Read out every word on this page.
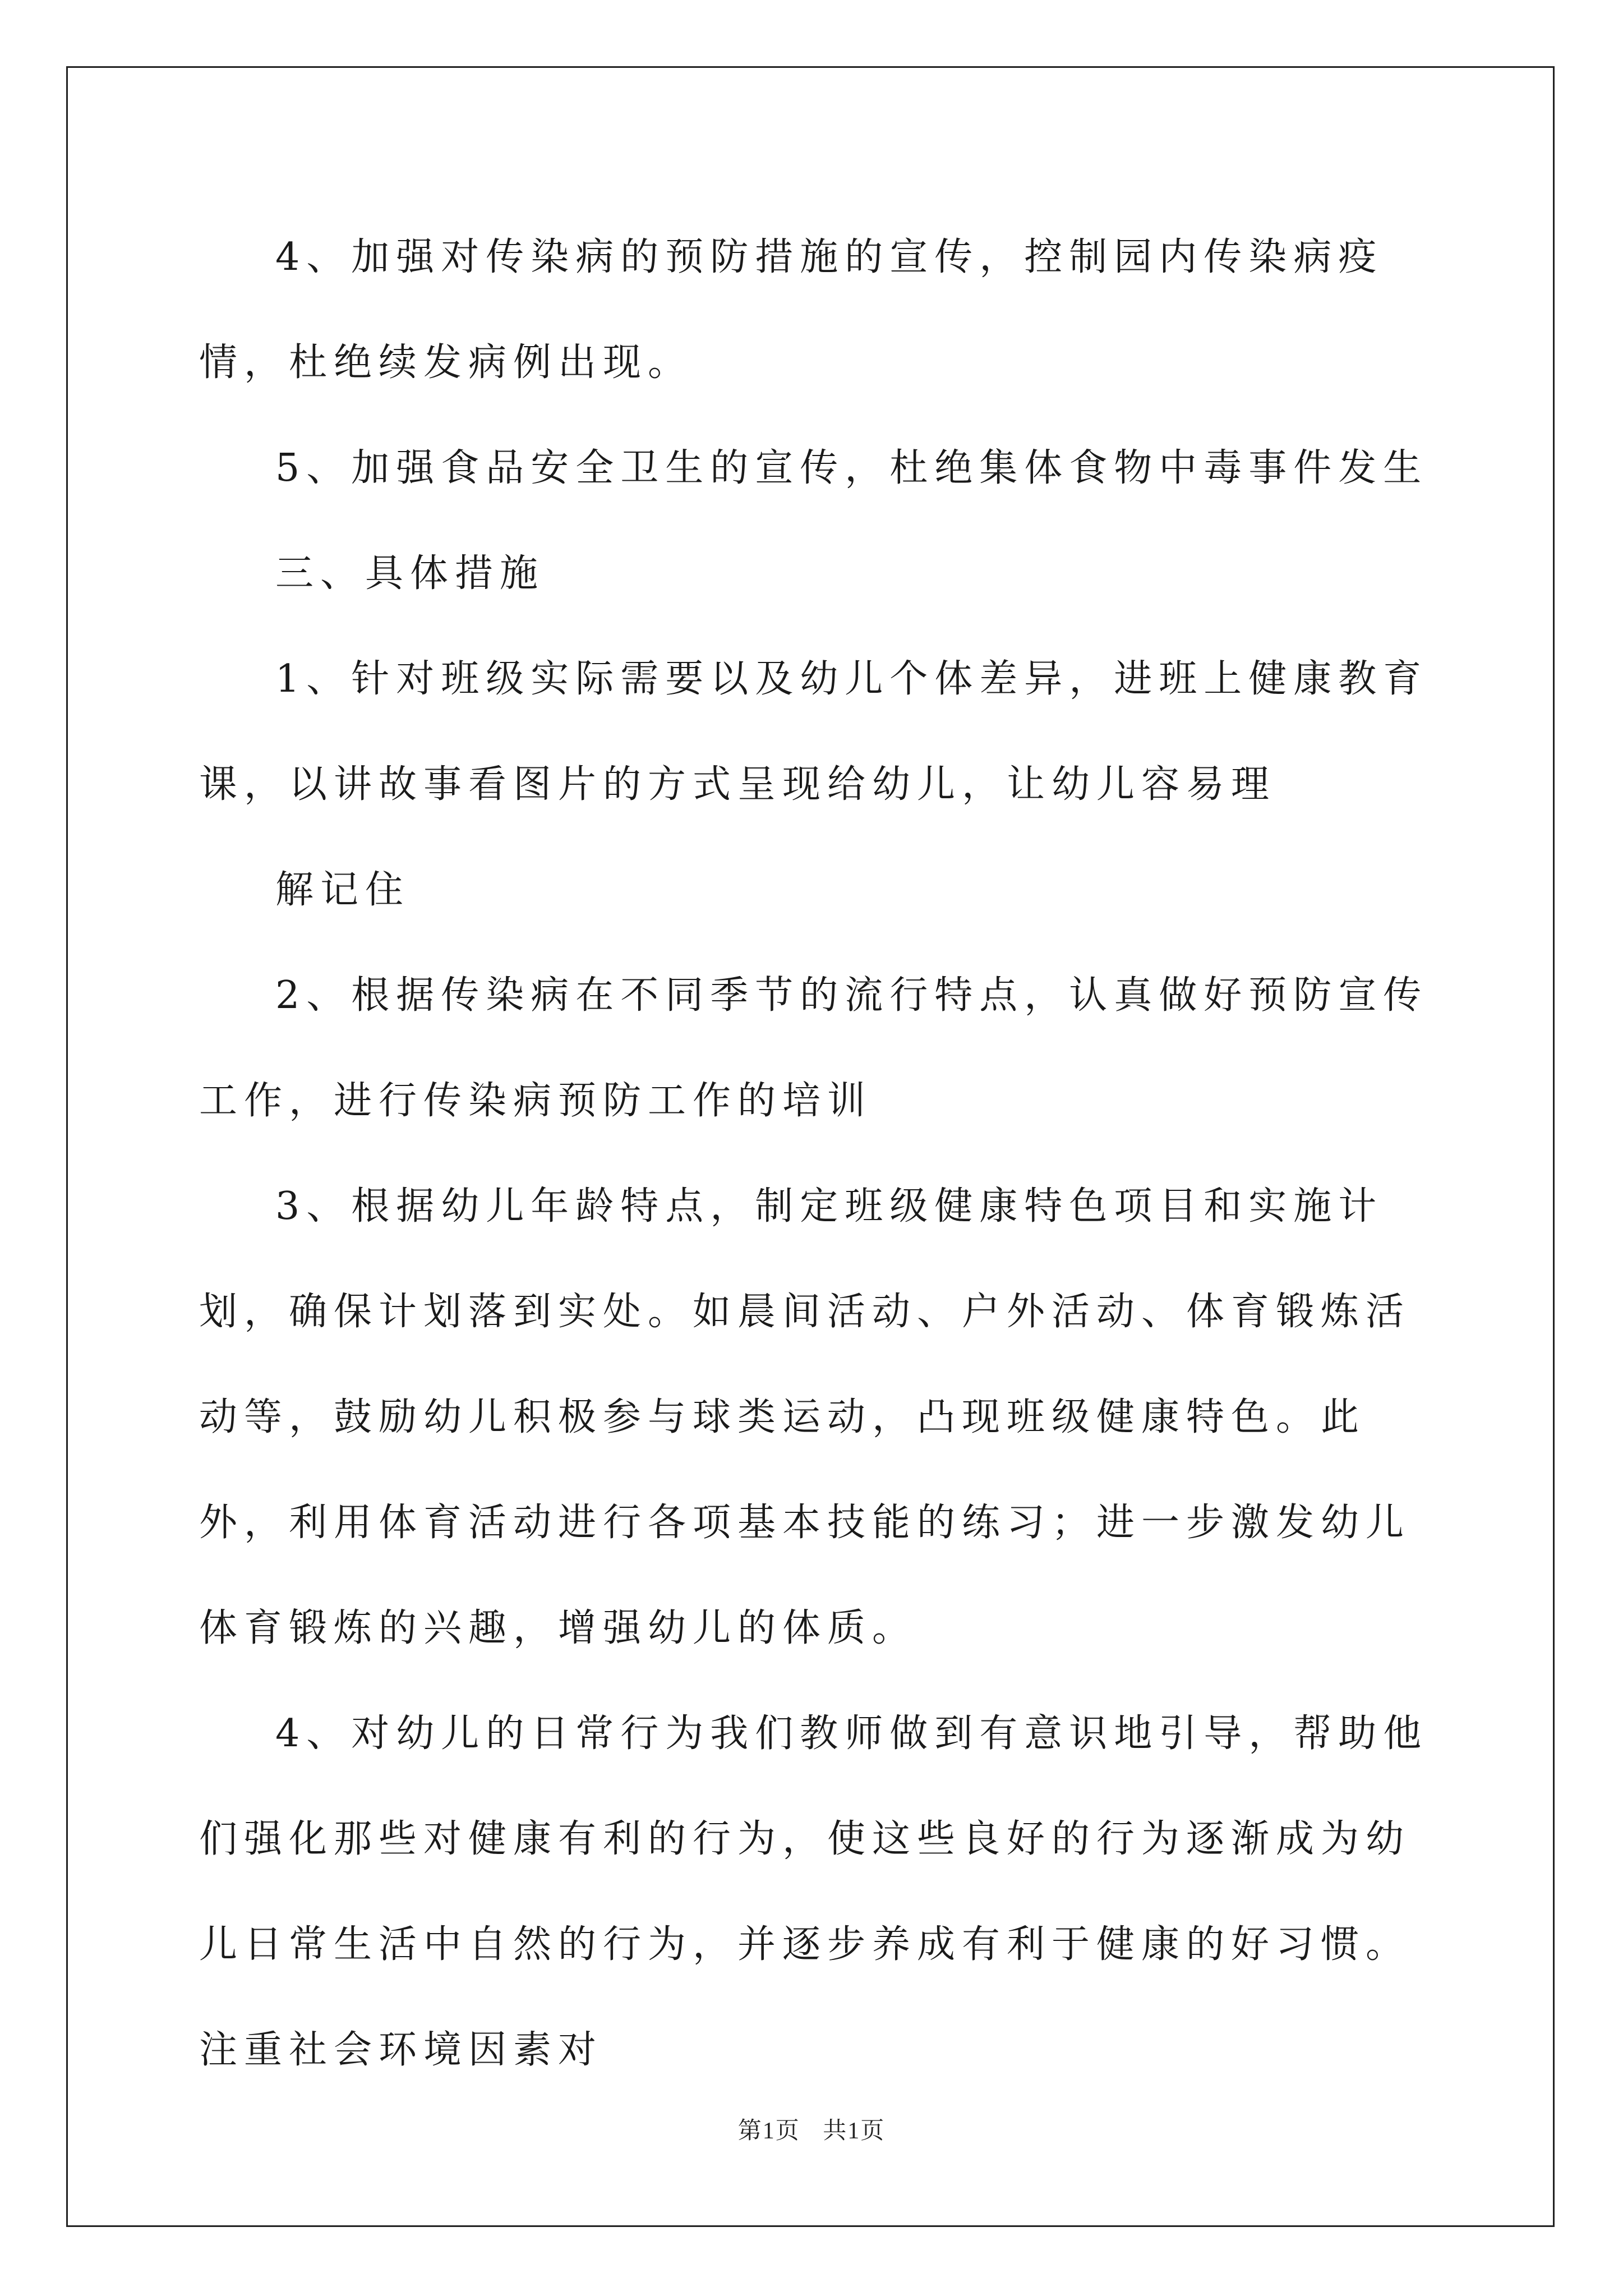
4、加强对传染病的预防措施的宣传，控制园内传染病疫情，杜绝续发病例出现。

5、加强食品安全卫生的宣传，杜绝集体食物中毒事件发生

三、具体措施

1、针对班级实际需要以及幼儿个体差异，进班上健康教育课，以讲故事看图片的方式呈现给幼儿，让幼儿容易理

解记住

2、根据传染病在不同季节的流行特点，认真做好预防宣传工作，进行传染病预防工作的培训

3、根据幼儿年龄特点，制定班级健康特色项目和实施计划，确保计划落到实处。如晨间活动、户外活动、体育锻炼活动等，鼓励幼儿积极参与球类运动，凸现班级健康特色。此外，利用体育活动进行各项基本技能的练习；进一步激发幼儿体育锻炼的兴趣，增强幼儿的体质。

4、对幼儿的日常行为我们教师做到有意识地引导，帮助他们强化那些对健康有利的行为，使这些良好的行为逐渐成为幼儿日常生活中自然的行为，并逐步养成有利于健康的好习惯。注重社会环境因素对

第1页 共1页
